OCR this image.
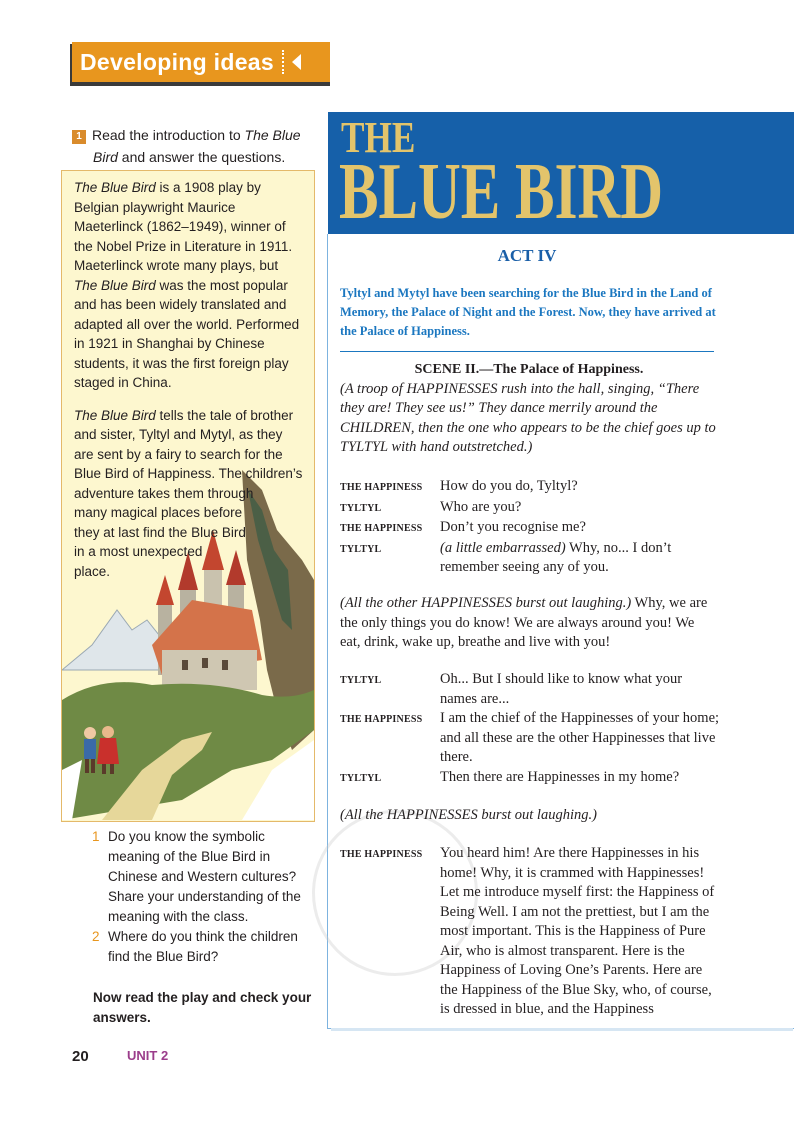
Developing ideas
1 Read the introduction to The Blue
Bird and answer the questions.

The Blue Bird is a 1908 play by Belgian playwright Maurice Maeterlinck (1862–1949), winner of the Nobel Prize in Literature in 1911. Maeterlinck wrote many plays, but The Blue Bird was the most popular and has been widely translated and adapted all over the world. Performed in 1921 in Shanghai by Chinese students, it was the first foreign play staged in China.

The Blue Bird tells the tale of brother
and sister, Tyltyl and Mytyl, as they
are sent by a fairy to search for the
Blue Bird of Happiness. The children’s
adventure takes them through
many magical places before
they at last find the Blue Bird
in a most unexpected
place.

1 Do you know the symbolic meaning of the Blue Bird in Chinese and Western cultures? Share your understanding of the meaning with the class.
2 Where do you think the children find the Blue Bird?
Now read the play and check your answers.
20	UNIT 2
THE
BLUE BIRD
ACT IV
Tyltyl and Mytyl have been searching for the Blue Bird in the Land of Memory, the Palace of Night and the Forest. Now, they have arrived at the Palace of Happiness.
SCENE II.—The Palace of Happiness.
(A troop of HAPPINESSES rush into the hall, singing, “There they are! They see us!” They dance merrily around the CHILDREN, then the one who appears to be the chief goes up to TYLTYL with hand outstretched.)
THE HAPPINESS	How do you do, Tyltyl?
TYLTYL	Who are you?
THE HAPPINESS	Don’t you recognise me?
TYLTYL	(a little embarrassed) Why, no... I don’t remember seeing any of you.
(All the other HAPPINESSES burst out laughing.) Why, we are the only things you do know! We are always around you! We eat, drink, wake up, breathe and live with you!
TYLTYL	Oh... But I should like to know what your names are...
THE HAPPINESS	I am the chief of the Happinesses of your home; and all these are the other Happinesses that live there.
TYLTYL	Then there are Happinesses in my home?
(All the HAPPINESSES burst out laughing.)
THE HAPPINESS	You heard him! Are there Happinesses in his home! Why, it is crammed with Happinesses! Let me introduce myself first: the Happiness of Being Well. I am not the prettiest, but I am the most important. This is the Happiness of Pure Air, who is almost transparent. Here is the Happiness of Loving One’s Parents. Here are the Happiness of the Blue Sky, who, of course, is dressed in blue, and the Happiness
